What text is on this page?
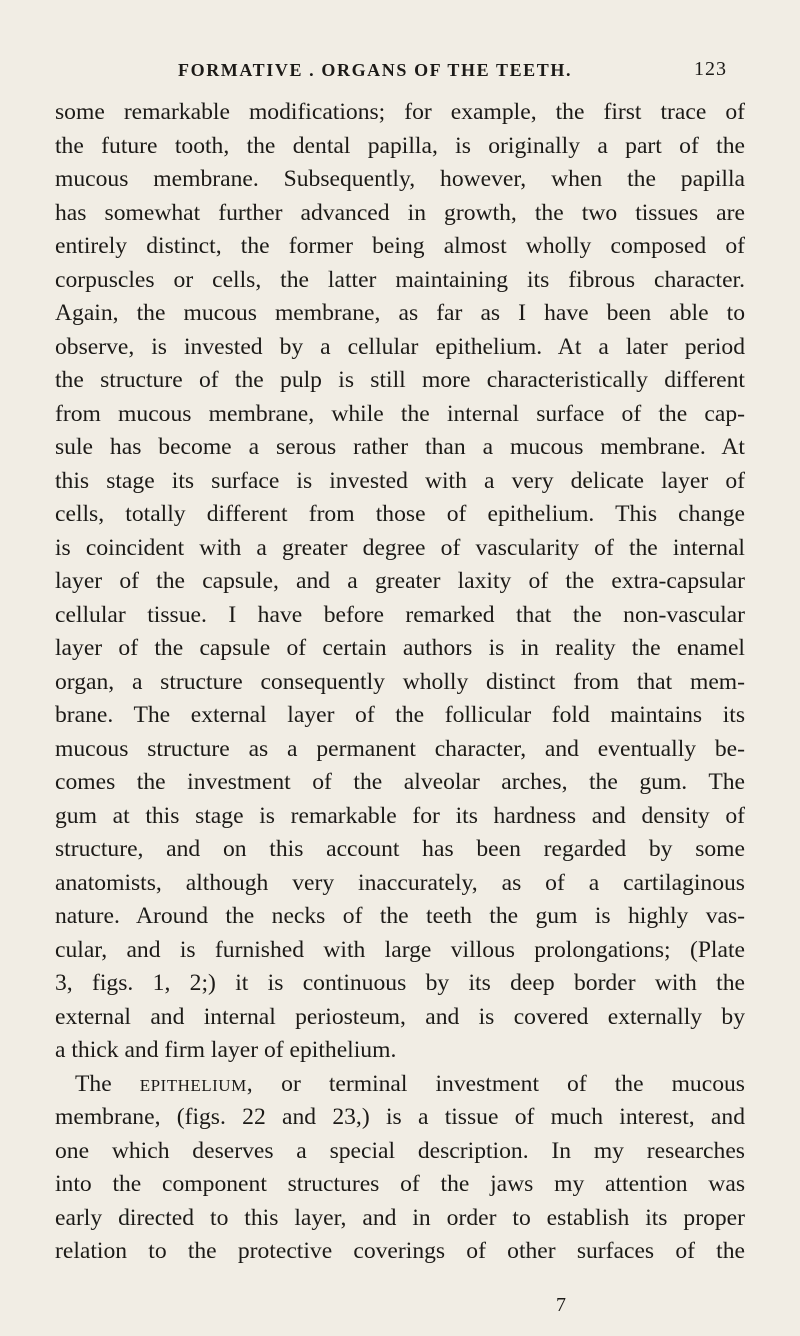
FORMATIVE . ORGANS OF THE TEETH.	123
some remarkable modifications; for example, the first trace of
the future tooth, the dental papilla, is originally a part of the
mucous membrane. Subsequently, however, when the papilla
has somewhat further advanced in growth, the two tissues are
entirely distinct, the former being almost wholly composed of
corpuscles or cells, the latter maintaining its fibrous character.
Again, the mucous membrane, as far as I have been able to
observe, is invested by a cellular epithelium. At a later period
the structure of the pulp is still more characteristically different
from mucous membrane, while the internal surface of the cap-
sule has become a serous rather than a mucous membrane. At
this stage its surface is invested with a very delicate layer of
cells, totally different from those of epithelium. This change
is coincident with a greater degree of vascularity of the internal
layer of the capsule, and a greater laxity of the extra-capsular
cellular tissue. I have before remarked that the non-vascular
layer of the capsule of certain authors is in reality the enamel
organ, a structure consequently wholly distinct from that mem-
brane. The external layer of the follicular fold maintains its
mucous structure as a permanent character, and eventually be-
comes the investment of the alveolar arches, the gum. The
gum at this stage is remarkable for its hardness and density of
structure, and on this account has been regarded by some
anatomists, although very inaccurately, as of a cartilaginous
nature. Around the necks of the teeth the gum is highly vas-
cular, and is furnished with large villous prolongations; (Plate
3, figs. 1, 2;) it is continuous by its deep border with the
external and internal periosteum, and is covered externally by
a thick and firm layer of epithelium.
The epithelium, or terminal investment of the mucous
membrane, (figs. 22 and 23,) is a tissue of much interest, and
one which deserves a special description. In my researches
into the component structures of the jaws my attention was
early directed to this layer, and in order to establish its proper
relation to the protective coverings of other surfaces of the
7
